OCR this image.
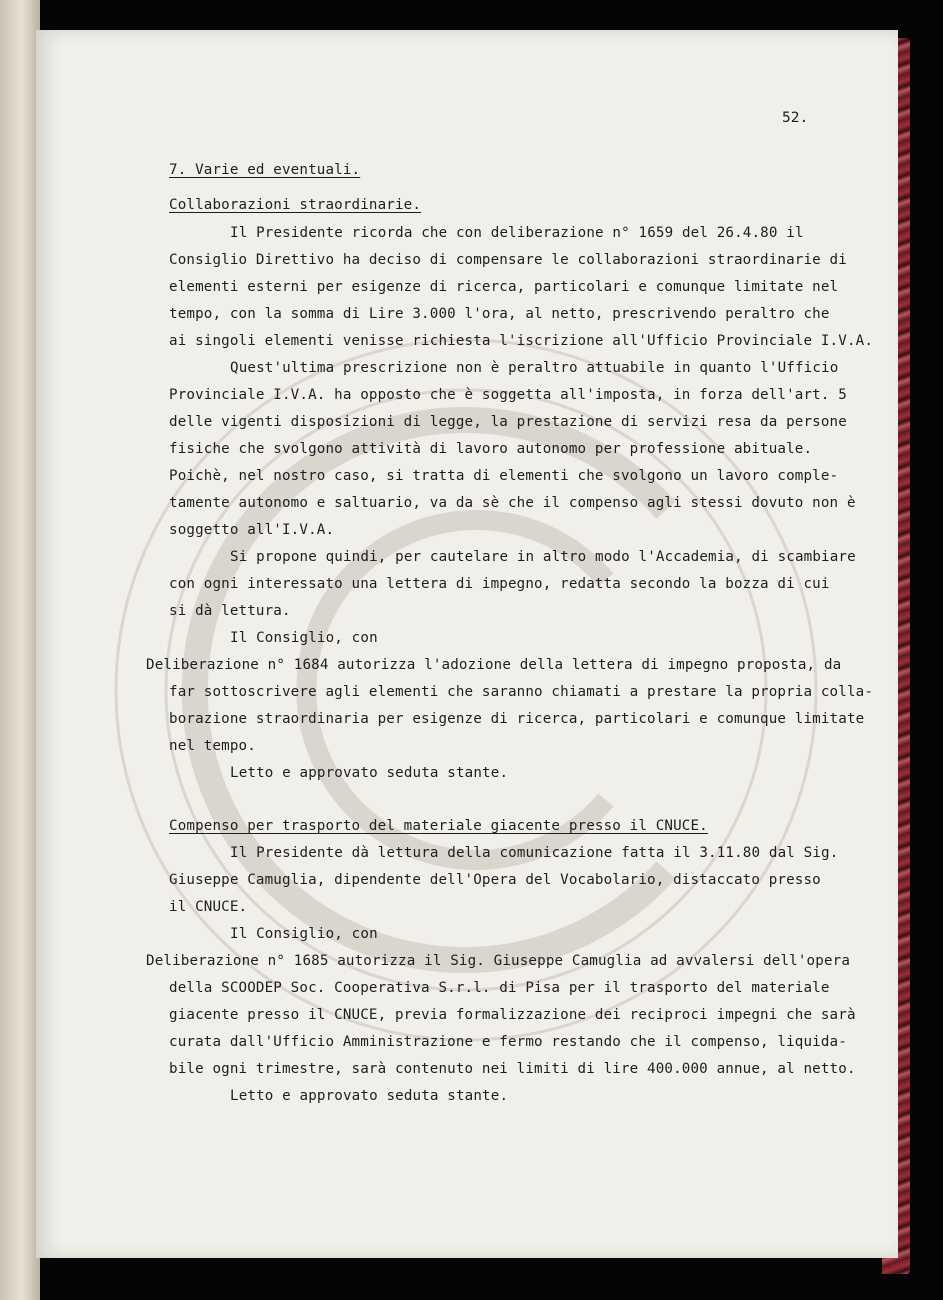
52.
7. Varie ed eventuali.
Collaborazioni straordinarie.
Il Presidente ricorda che con deliberazione n° 1659 del 26.4.80 il
Consiglio Direttivo ha deciso di compensare le collaborazioni straordinarie di
elementi esterni per esigenze di ricerca, particolari e comunque limitate nel
tempo, con la somma di Lire 3.000 l'ora, al netto, prescrivendo peraltro che
ai singoli elementi venisse richiesta l'iscrizione all'Ufficio Provinciale I.V.A.
Quest'ultima prescrizione non è peraltro attuabile in quanto l'Ufficio
Provinciale I.V.A. ha opposto che è soggetta all'imposta, in forza dell'art. 5
delle vigenti disposizioni di legge, la prestazione di servizi resa da persone
fisiche che svolgono attività di lavoro autonomo per professione abituale.
Poichè, nel nostro caso, si tratta di elementi che svolgono un lavoro comple-
tamente autonomo e saltuario, va da sè che il compenso agli stessi dovuto non è
soggetto all'I.V.A.
Si propone quindi, per cautelare in altro modo l'Accademia, di scambiare
con ogni interessato una lettera di impegno, redatta secondo la bozza di cui
si dà lettura.
Il Consiglio, con
Deliberazione n° 1684 autorizza l'adozione della lettera di impegno proposta, da
far sottoscrivere agli elementi che saranno chiamati a prestare la propria colla-
borazione straordinaria per esigenze di ricerca, particolari e comunque limitate
nel tempo.
Letto e approvato seduta stante.
Compenso per trasporto del materiale giacente presso il CNUCE.
Il Presidente dà lettura della comunicazione fatta il 3.11.80 dal Sig.
Giuseppe Camuglia, dipendente dell'Opera del Vocabolario, distaccato presso
il CNUCE.
Il Consiglio, con
Deliberazione n° 1685 autorizza il Sig. Giuseppe Camuglia ad avvalersi dell'opera
della SCOODEP Soc. Cooperativa S.r.l. di Pisa per il trasporto del materiale
giacente presso il CNUCE, previa formalizzazione dei reciproci impegni che sarà
curata dall'Ufficio Amministrazione e fermo restando che il compenso, liquida-
bile ogni trimestre, sarà contenuto nei limiti di lire 400.000 annue, al netto.
Letto e approvato seduta stante.
